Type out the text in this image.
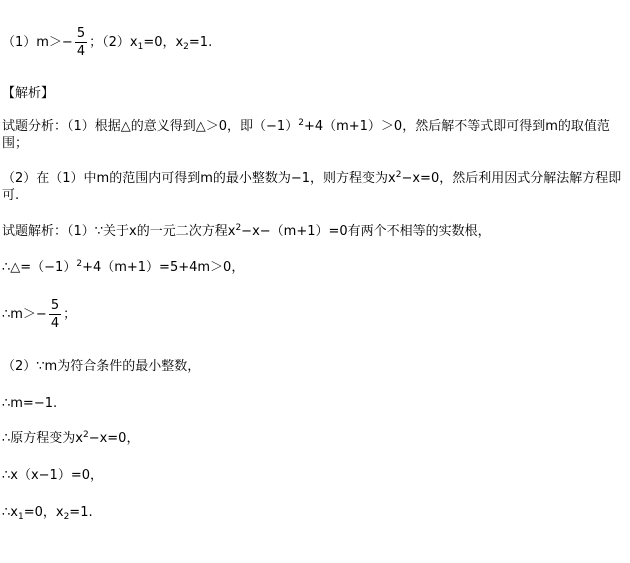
$(1)m>- \frac{5}{4}$ ；$(2)x_1=0$，$x_2=1$.
【解析】
试题分析：（1）根据△的意义得到△＞0，即$(-1)^2+4(m+1)>0$，然后解不等式即可得到m的取值范围；
（2）在（1）中m的范围内可得到m的最小整数为−1，则方程变为$x^2-x=0$，然后利用因式分解法解方程即可.
试题解析：（1）∵关于x的一元二次方程$x^2-x-(m+1)=0$有两个不相等的实数根，
$\therefore\triangle=(-1)^2+4(m+1)=5+4m>0$，
∴m＞− $\frac{5}{4}$ ；
（2）∵m为符合条件的最小整数，
∴m=−1.
∴原方程变为$x^2-x=0$，
∴x（x−1）=0，
$\therefore x_1=0$，$x_2=1$.
